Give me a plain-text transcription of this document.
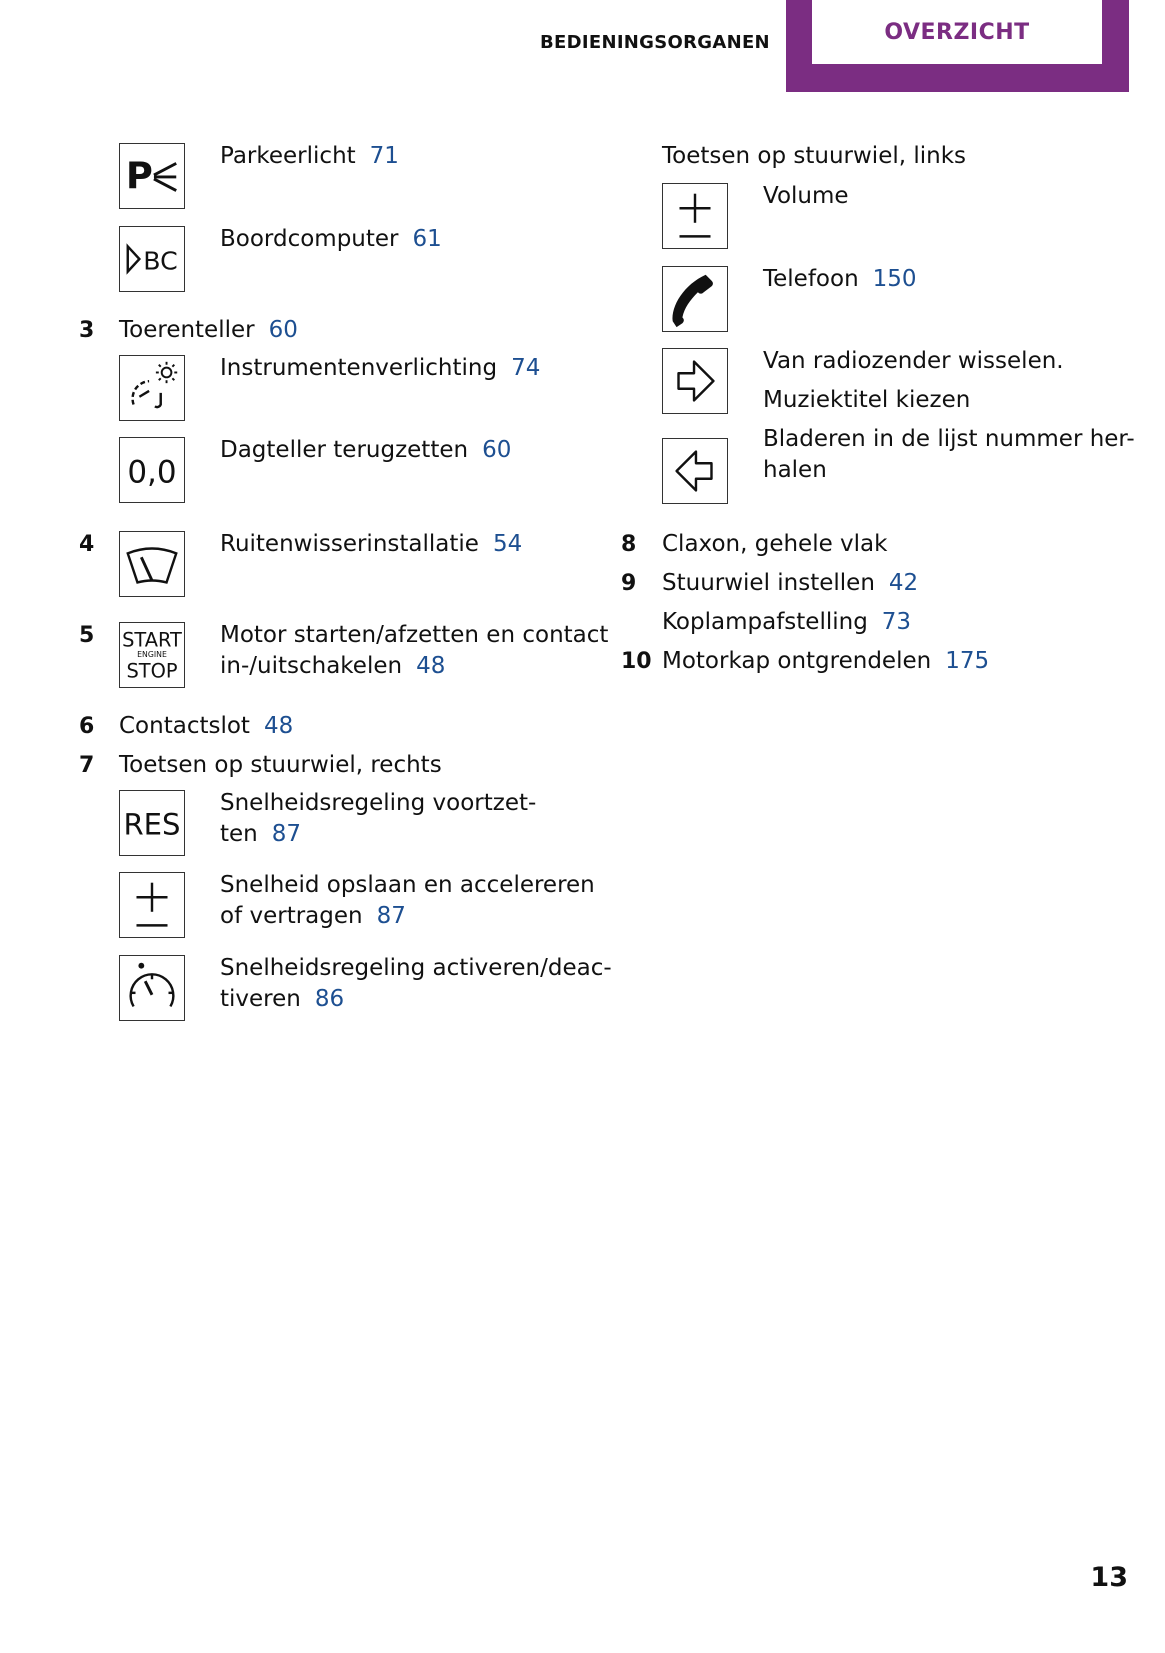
BEDIENINGSORGANEN	OVERZICHT
P	Parkeerlicht 71
BC
Boordcomputer 61
3 Toerenteller 60
Instrumentenverlichting 74
0,0
Dagteller terugzetten 60
4	Ruitenwisserinstallatie 54
5 START
ENGINE
STOP
Motor starten/afzetten en contact
in-/uitschakelen 48
6 Contactslot 48
7 Toetsen op stuurwiel, rechts
RES
Snelheidsregeling voortzet-
ten 87
Snelheid opslaan en accelereren
of vertragen 87
Snelheidsregeling activeren/deac-
tiveren 86
Toetsen op stuurwiel, links
Volume
Telefoon 150
Van radiozender wisselen.
Muziektitel kiezen
Bladeren in de lijst nummer her-
halen
8 Claxon, gehele vlak
9 Stuurwiel instellen 42
Koplampafstelling 73
10 Motorkap ontgrendelen 175
13
